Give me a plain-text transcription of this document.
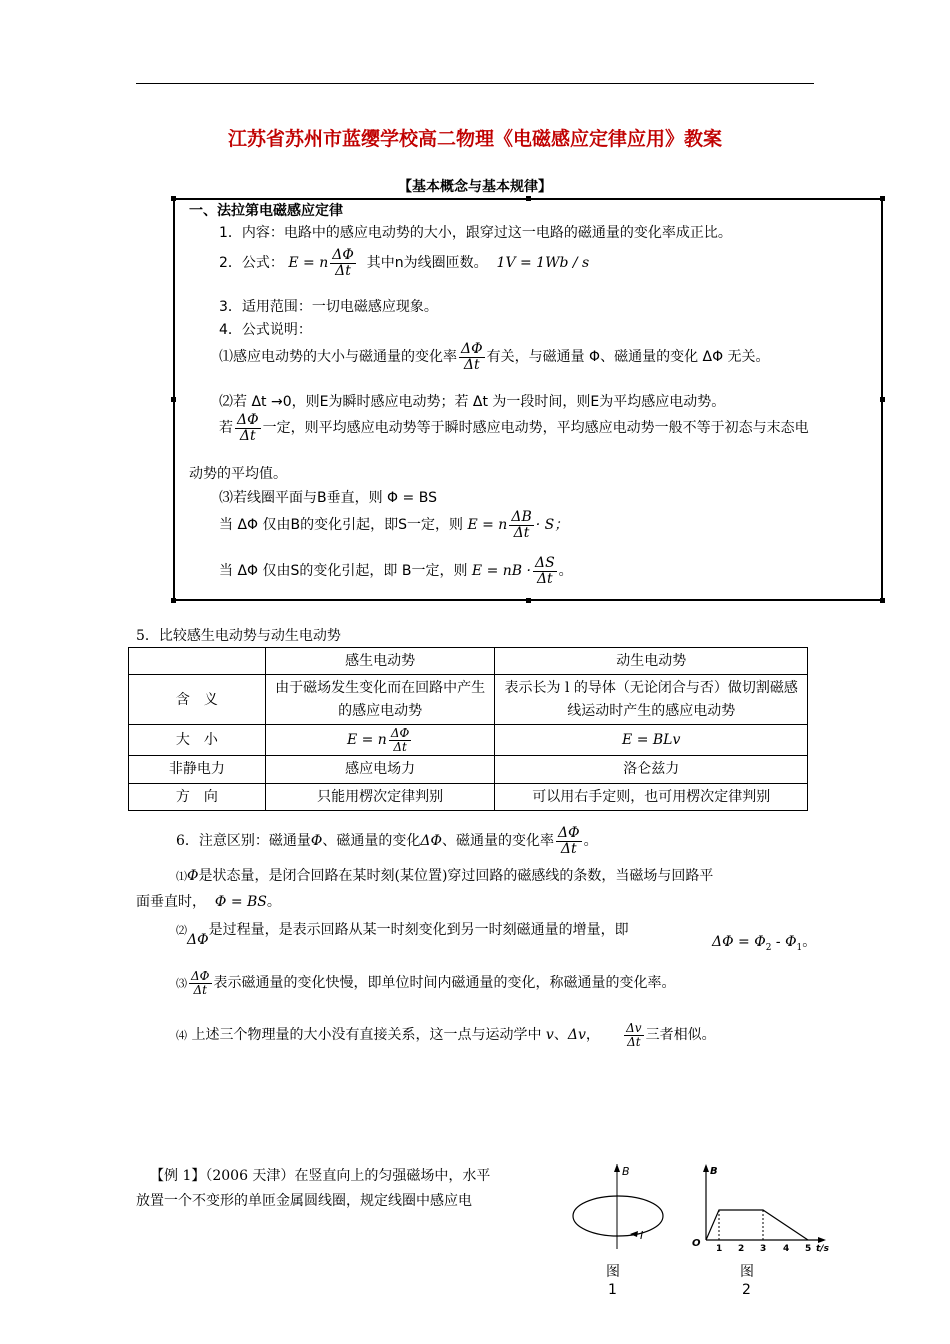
江苏省苏州市蓝缨学校高二物理《电磁感应定律应用》教案
【基本概念与基本规律】
一、法拉第电磁感应定律
1．内容：电路中的感应电动势的大小，跟穿过这一电路的磁通量的变化率成正比。
2．公式： E = n $\frac{\Delta\Phi}{\Delta t}$ 其中n为线圈匝数。 1V = 1Wb / s
3．适用范围：一切电磁感应现象。
4．公式说明：
⑴感应电动势的大小与磁通量的变化率 $\frac{\Delta\Phi}{\Delta t}$ 有关，与磁通量 Φ、磁通量的变化 ΔΦ 无关。
⑵若 Δt →0，则E为瞬时感应电动势；若 Δt 为一段时间，则E为平均感应电动势。
若 $\frac{\Delta\Phi}{\Delta t}$ 一定，则平均感应电动势等于瞬时感应电动势，平均感应电动势一般不等于初态与末态电
动势的平均值。
⑶若线圈平面与B垂直，则 Φ = BS
当 ΔΦ 仅由B的变化引起，即S一定，则 E = n $\frac{\Delta B}{\Delta t} \cdot S$；
当 ΔΦ 仅由S的变化引起，即 B一定，则 E = nB · $\frac{\Delta S}{\Delta t}$ 。
5．比较感生电动势与动生电动势
	感生电动势	动生电动势
含　义	由于磁场发生变化而在回路中产生的感应电动势	表示长为 l 的导体（无论闭合与否）做切割磁感线运动时产生的感应电动势
大　小	E = n $\frac{\Delta\Phi}{\Delta t}$	E = BLv
非静电力	感应电场力	洛仑兹力
方　向	只能用楞次定律判别	可以用右手定则，也可用楞次定律判别
6．注意区别：磁通量Φ、磁通量的变化ΔΦ、磁通量的变化率 $\frac{\Delta\Phi}{\Delta t}$ 。
⑴Φ是状态量，是闭合回路在某时刻(某位置)穿过回路的磁感线的条数，当磁场与回路平
面垂直时， Φ = BS。
⑵ΔΦ是过程量，是表示回路从某一时刻变化到另一时刻磁通量的增量，即
$\Delta\Phi = \Phi_2 - \Phi_1$。
⑶ $\frac{\Delta\Phi}{\Delta t}$ 表示磁通量的变化快慢，即单位时间内磁通量的变化，称磁通量的变化率。
⑷ 上述三个物理量的大小没有直接关系，这一点与运动学中 v、Δv， $\frac{\Delta v}{\Delta t}$ 三者相似。
【例 1】（2006 天津）在竖直向上的匀强磁场中，水平
放置一个不变形的单匝金属圆线圈，规定线圈中感应电
B
I
图
1
B
O 1 2 3 4 5 t/s
图
2
